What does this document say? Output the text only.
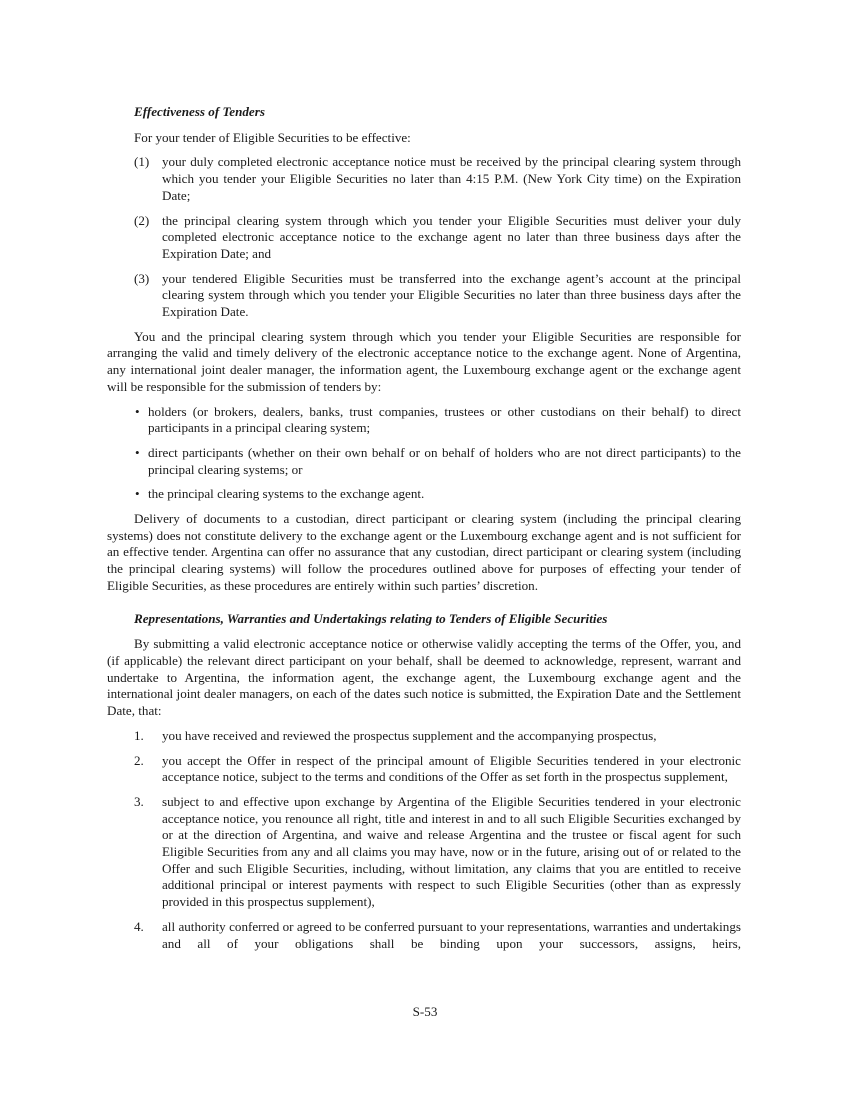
Effectiveness of Tenders

For your tender of Eligible Securities to be effective:

(1) your duly completed electronic acceptance notice must be received by the principal clearing system through which you tender your Eligible Securities no later than 4:15 P.M. (New York City time) on the Expiration Date;
(2) the principal clearing system through which you tender your Eligible Securities must deliver your duly completed electronic acceptance notice to the exchange agent no later than three business days after the Expiration Date; and
(3) your tendered Eligible Securities must be transferred into the exchange agent’s account at the principal clearing system through which you tender your Eligible Securities no later than three business days after the Expiration Date.

You and the principal clearing system through which you tender your Eligible Securities are responsible for arranging the valid and timely delivery of the electronic acceptance notice to the exchange agent. None of Argentina, any international joint dealer manager, the information agent, the Luxembourg exchange agent or the exchange agent will be responsible for the submission of tenders by:

• holders (or brokers, dealers, banks, trust companies, trustees or other custodians on their behalf) to direct participants in a principal clearing system;
• direct participants (whether on their own behalf or on behalf of holders who are not direct participants) to the principal clearing systems; or
• the principal clearing systems to the exchange agent.

Delivery of documents to a custodian, direct participant or clearing system (including the principal clearing systems) does not constitute delivery to the exchange agent or the Luxembourg exchange agent and is not sufficient for an effective tender. Argentina can offer no assurance that any custodian, direct participant or clearing system (including the principal clearing systems) will follow the procedures outlined above for purposes of effecting your tender of Eligible Securities, as these procedures are entirely within such parties’ discretion.

Representations, Warranties and Undertakings relating to Tenders of Eligible Securities

By submitting a valid electronic acceptance notice or otherwise validly accepting the terms of the Offer, you, and (if applicable) the relevant direct participant on your behalf, shall be deemed to acknowledge, represent, warrant and undertake to Argentina, the information agent, the exchange agent, the Luxembourg exchange agent and the international joint dealer managers, on each of the dates such notice is submitted, the Expiration Date and the Settlement Date, that:

1. you have received and reviewed the prospectus supplement and the accompanying prospectus,
2. you accept the Offer in respect of the principal amount of Eligible Securities tendered in your electronic acceptance notice, subject to the terms and conditions of the Offer as set forth in the prospectus supplement,
3. subject to and effective upon exchange by Argentina of the Eligible Securities tendered in your electronic acceptance notice, you renounce all right, title and interest in and to all such Eligible Securities exchanged by or at the direction of Argentina, and waive and release Argentina and the trustee or fiscal agent for such Eligible Securities from any and all claims you may have, now or in the future, arising out of or related to the Offer and such Eligible Securities, including, without limitation, any claims that you are entitled to receive additional principal or interest payments with respect to such Eligible Securities (other than as expressly provided in this prospectus supplement),
4. all authority conferred or agreed to be conferred pursuant to your representations, warranties and undertakings and all of your obligations shall be binding upon your successors, assigns, heirs,
S-53
